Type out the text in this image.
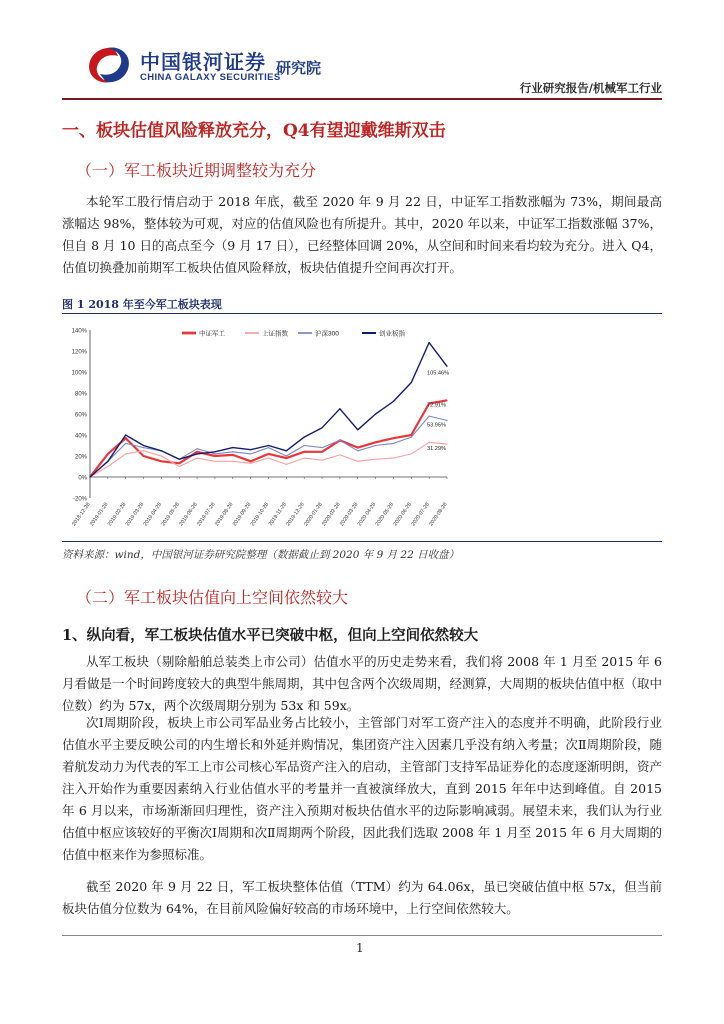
中国银河证券
CHINA GALAXY SECURITIES
研究院
行业研究报告/机械军工行业
一、板块估值风险释放充分，Q4有望迎戴维斯双击
（一）军工板块近期调整较为充分

本轮军工股行情启动于 2018 年底，截至 2020 年 9 月 22 日，中证军工指数涨幅为 73%，期间最高涨幅达 98%，整体较为可观，对应的估值风险也有所提升。其中，2020 年以来，中证军工指数涨幅 37%，但自 8 月 10 日的高点至今（9 月 17 日），已经整体回调 20%，从空间和时间来看均较为充分。进入 Q4，估值切换叠加前期军工板块估值风险释放，板块估值提升空间再次打开。

图 1 2018 年至今军工板块表现
140%
120%
100%
80%
60%
40%
20%
0%
-20%
2018-12-28
2019-01-28
2019-02-28
2019-03-28
2019-04-28
2019-05-28
2019-06-28
2019-07-28
2019-08-28
2019-09-28
2019-10-28
2019-11-28
2019-12-28
2020-01-28
2020-02-28
2020-03-28
2020-04-28
2020-05-28
2020-06-28
2020-07-28
2020-08-28
105.46%
72.91%
53.95%
31.29%
中证军工	上证指数	沪深300	创业板指
资料来源：wind，中国银河证券研究院整理（数据截止到 2020 年 9 月 22 日收盘）
（二）军工板块估值向上空间依然较大
1、纵向看，军工板块估值水平已突破中枢，但向上空间依然较大

从军工板块（剔除船舶总装类上市公司）估值水平的历史走势来看，我们将 2008 年 1 月至 2015 年 6 月看做是一个时间跨度较大的典型牛熊周期，其中包含两个次级周期，经测算，大周期的板块估值中枢（取中位数）约为 57x，两个次级周期分别为 53x 和 59x。

次Ⅰ周期阶段，板块上市公司军品业务占比较小，主管部门对军工资产注入的态度并不明确，此阶段行业估值水平主要反映公司的内生增长和外延并购情况，集团资产注入因素几乎没有纳入考量；次Ⅱ周期阶段，随着航发动力为代表的军工上市公司核心军品资产注入的启动，主管部门支持军品证券化的态度逐渐明朗，资产注入开始作为重要因素纳入行业估值水平的考量并一直被演绎放大，直到 2015 年年中达到峰值。自 2015 年 6 月以来，市场渐渐回归理性，资产注入预期对板块估值水平的边际影响减弱。展望未来，我们认为行业估值中枢应该较好的平衡次Ⅰ周期和次Ⅱ周期两个阶段，因此我们选取 2008 年 1 月至 2015 年 6 月大周期的估值中枢来作为参照标准。

截至 2020 年 9 月 22 日，军工板块整体估值（TTM）约为 64.06x，虽已突破估值中枢 57x，但当前板块估值分位数为 64%，在目前风险偏好较高的市场环境中，上行空间依然较大。

1
